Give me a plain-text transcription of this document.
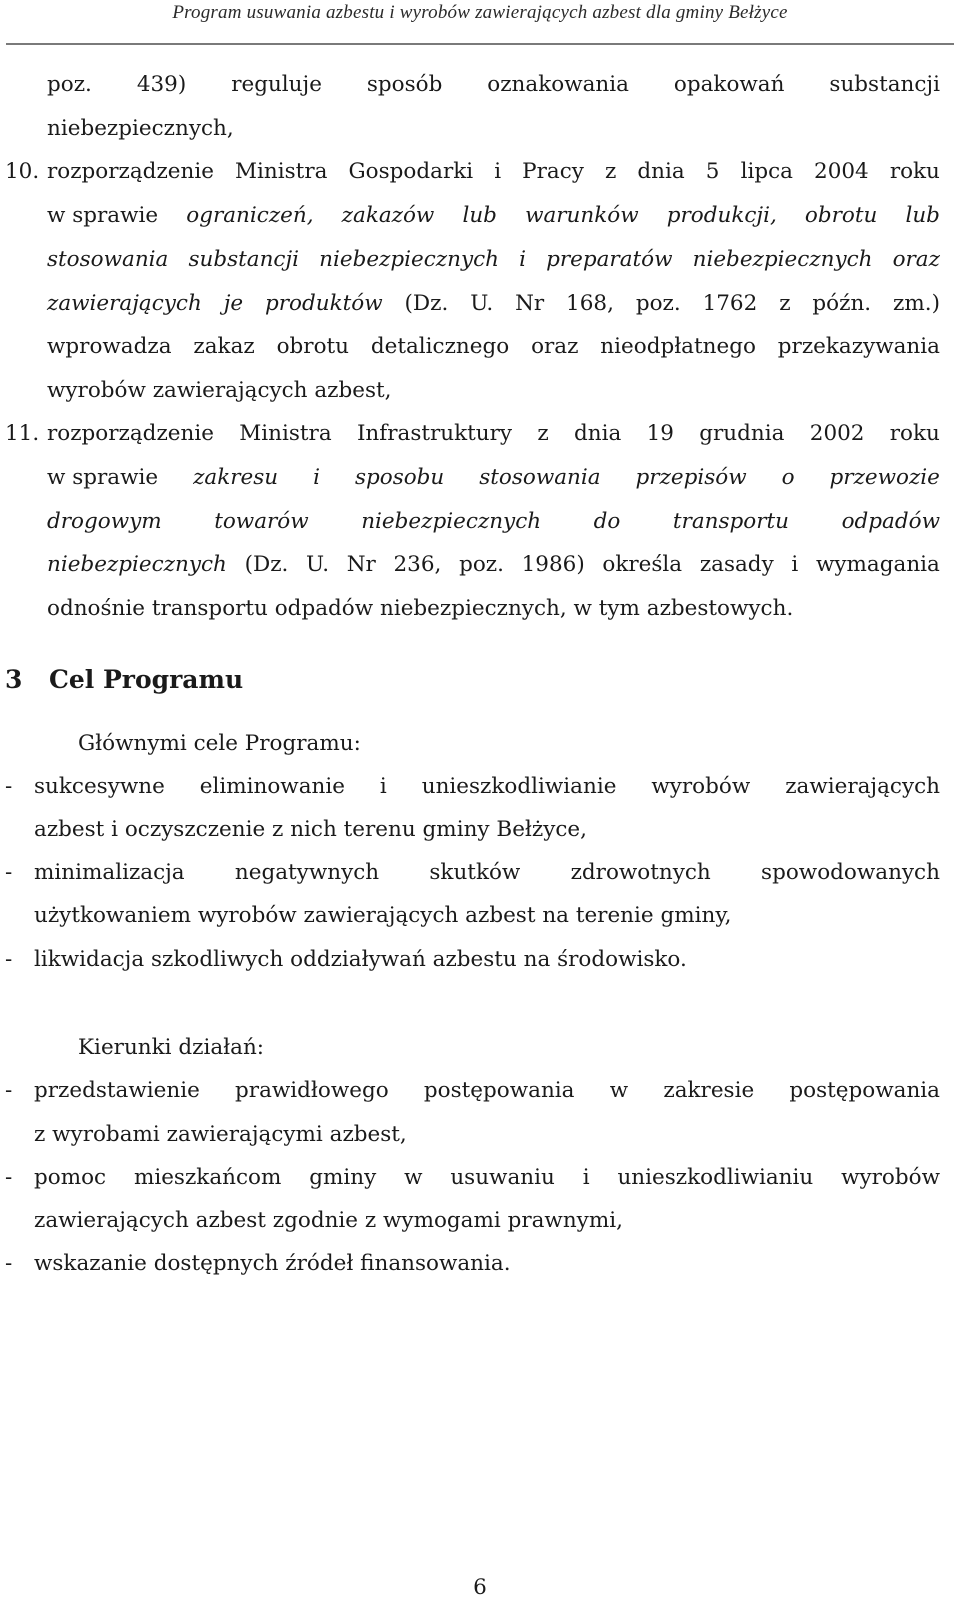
Program usuwania azbestu i wyrobów zawierających azbest dla gminy Bełżyce
poz. 439) reguluje sposób oznakowania opakowań substancji
niebezpiecznych,
10. rozporządzenie Ministra Gospodarki i Pracy z dnia 5 lipca 2004 roku
w sprawie ograniczeń, zakazów lub warunków produkcji, obrotu lub
stosowania substancji niebezpiecznych i preparatów niebezpiecznych oraz
zawierających je produktów (Dz. U. Nr 168, poz. 1762 z późn. zm.)
wprowadza zakaz obrotu detalicznego oraz nieodpłatnego przekazywania
wyrobów zawierających azbest,
11. rozporządzenie Ministra Infrastruktury z dnia 19 grudnia 2002 roku
w sprawie zakresu i sposobu stosowania przepisów o przewozie
drogowym towarów niebezpiecznych do transportu odpadów
niebezpiecznych (Dz. U. Nr 236, poz. 1986) określa zasady i wymagania
odnośnie transportu odpadów niebezpiecznych, w tym azbestowych.
3 Cel Programu
Głównymi cele Programu:
- sukcesywne eliminowanie i unieszkodliwianie wyrobów zawierających
azbest i oczyszczenie z nich terenu gminy Bełżyce,
- minimalizacja negatywnych skutków zdrowotnych spowodowanych
użytkowaniem wyrobów zawierających azbest na terenie gminy,
- likwidacja szkodliwych oddziaływań azbestu na środowisko.
Kierunki działań:
- przedstawienie prawidłowego postępowania w zakresie postępowania
z wyrobami zawierającymi azbest,
- pomoc mieszkańcom gminy w usuwaniu i unieszkodliwianiu wyrobów
zawierających azbest zgodnie z wymogami prawnymi,
- wskazanie dostępnych źródeł finansowania.
6
